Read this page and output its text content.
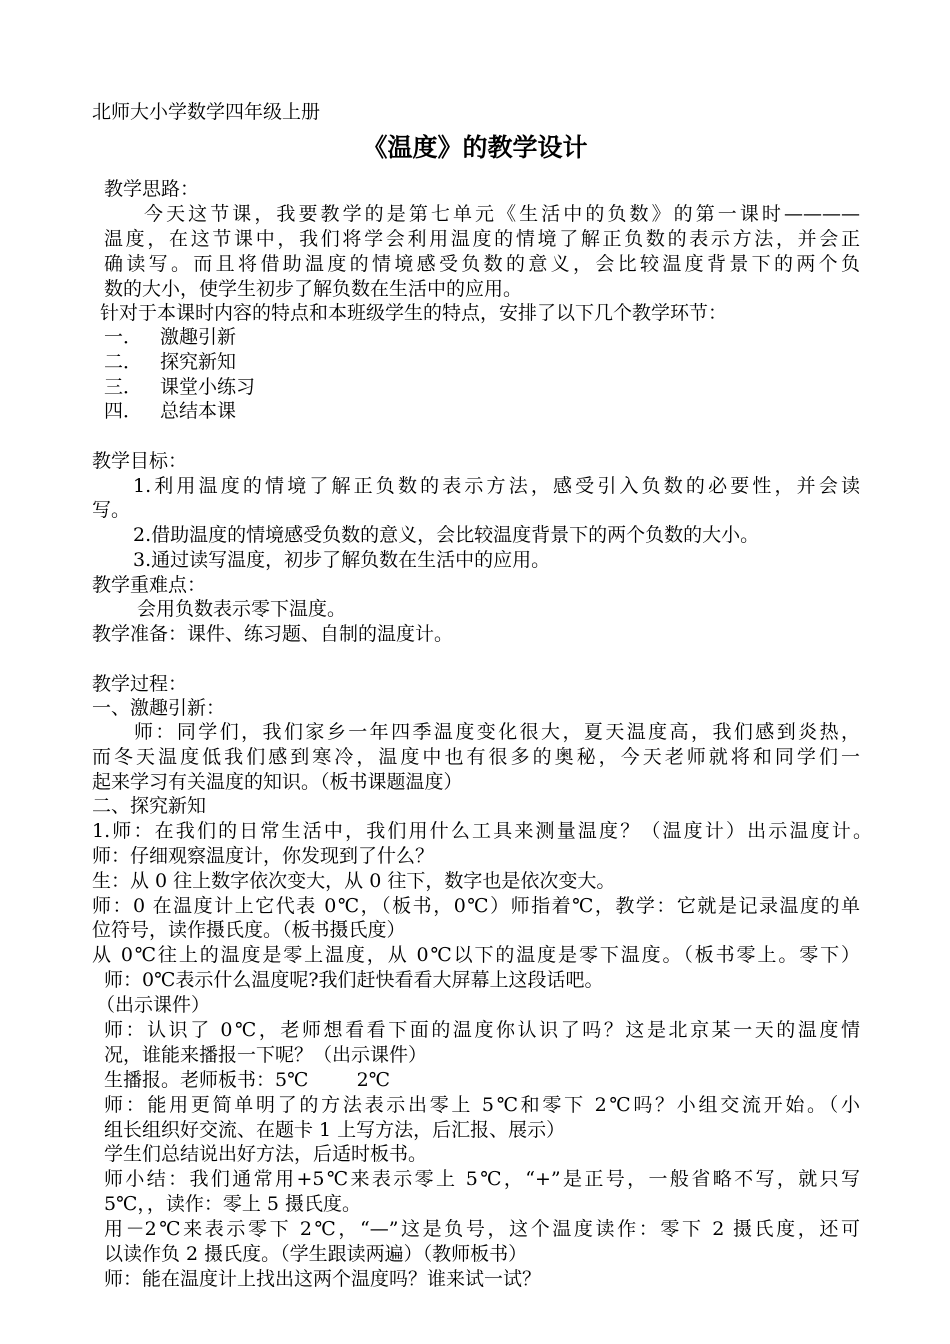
北师大小学数学四年级上册
《温度》的教学设计
教学思路：
今天这节课，我要教学的是第七单元《生活中的负数》的第一课时————
温度，在这节课中，我们将学会利用温度的情境了解正负数的表示方法，并会正
确读写。而且将借助温度的情境感受负数的意义，会比较温度背景下的两个负
数的大小，使学生初步了解负数在生活中的应用。
针对于本课时内容的特点和本班级学生的特点，安排了以下几个教学环节：
一． 激趣引新
二． 探究新知
三． 课堂小练习
四． 总结本课
教学目标：
1.利用温度的情境了解正负数的表示方法，感受引入负数的必要性，并会读
写。
2.借助温度的情境感受负数的意义，会比较温度背景下的两个负数的大小。
3.通过读写温度，初步了解负数在生活中的应用。
教学重难点：
会用负数表示零下温度。
教学准备：课件、练习题、自制的温度计。
教学过程：
一、激趣引新：
师：同学们，我们家乡一年四季温度变化很大，夏天温度高，我们感到炎热，
而冬天温度低我们感到寒冷，温度中也有很多的奥秘，今天老师就将和同学们一
起来学习有关温度的知识。（板书课题温度）
二、探究新知
1.师：在我们的日常生活中，我们用什么工具来测量温度？（温度计）出示温度计。
师：仔细观察温度计，你发现到了什么？
生：从 0 往上数字依次变大，从 0 往下，数字也是依次变大。
师：0 在温度计上它代表 0℃，（板书，0℃）师指着℃，教学：它就是记录温度的单
位符号，读作摄氏度。（板书摄氏度）
从 0℃往上的温度是零上温度，从 0℃以下的温度是零下温度。（板书零上。零下）
师：0℃表示什么温度呢?我们赶快看看大屏幕上这段话吧。
（出示课件）
师：认识了 0℃，老师想看看下面的温度你认识了吗？这是北京某一天的温度情
况，谁能来播报一下呢？（出示课件）
生播报。老师板书：5℃        2℃
师：能用更简单明了的方法表示出零上 5℃和零下 2℃吗？小组交流开始。（小
组长组织好交流、在题卡 1 上写方法，后汇报、展示）
学生们总结说出好方法，后适时板书。
师小结：我们通常用+5℃来表示零上 5℃，“+”是正号，一般省略不写，就只写
5℃，，读作：零上 5 摄氏度。
用－2℃来表示零下 2℃，“—”这是负号，这个温度读作：零下 2 摄氏度，还可
以读作负 2 摄氏度。（学生跟读两遍）（教师板书）
师：能在温度计上找出这两个温度吗？谁来试一试？
